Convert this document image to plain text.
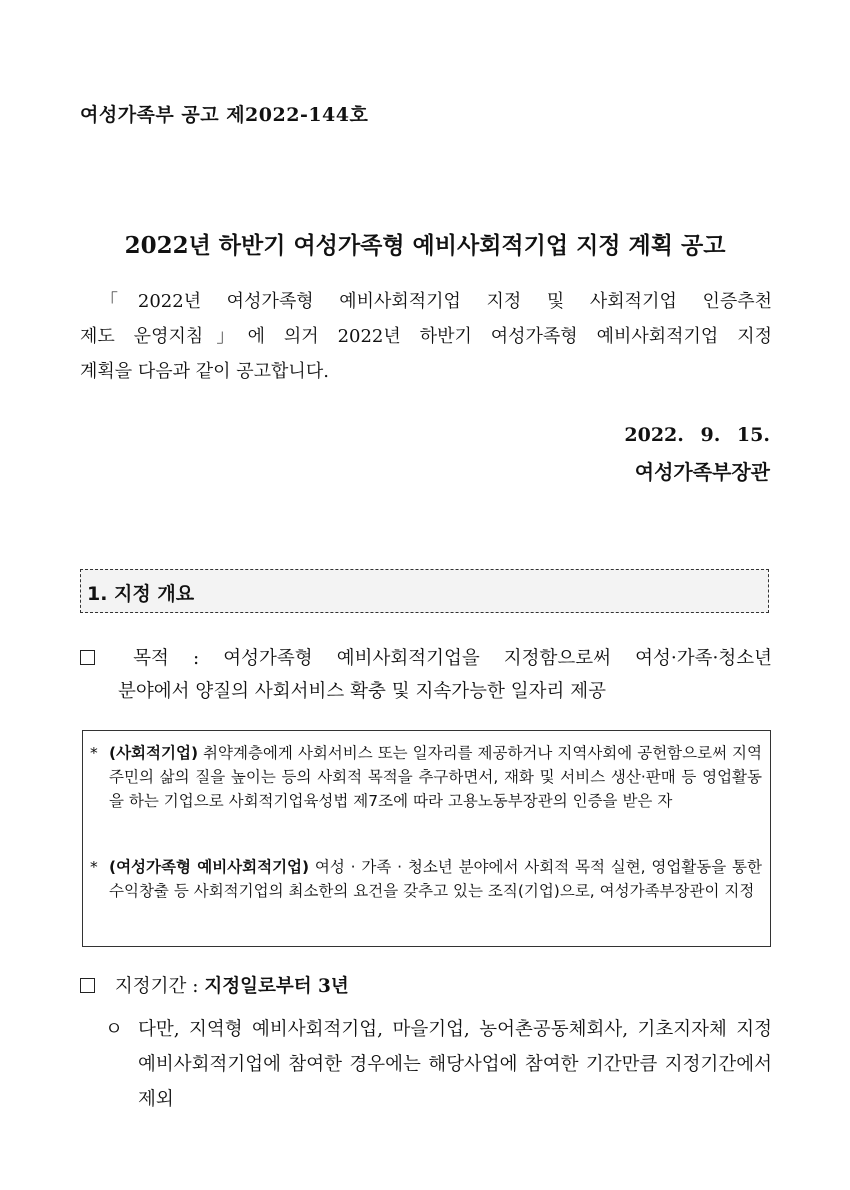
여성가족부 공고 제2022-144호
2022년 하반기 여성가족형 예비사회적기업 지정 계획 공고

「2022년 여성가족형 예비사회적기업 지정 및 사회적기업 인증추천

제도 운영지침」에 의거 2022년 하반기 여성가족형 예비사회적기업 지정

계획을 다음과 같이 공고합니다.

2022. 9. 15.
여성가족부장관
1. 지정 개요
목적 : 여성가족형 예비사회적기업을 지정함으로써 여성·가족·청소년
분야에서 양질의 사회서비스 확충 및 지속가능한 일자리 제공
* (사회적기업) 취약계층에게 사회서비스 또는 일자리를 제공하거나 지역사회에 공헌함으로써 지역주민의 삶의 질을 높이는 등의 사회적 목적을 추구하면서, 재화 및 서비스 생산·판매 등 영업활동을 하는 기업으로 사회적기업육성법 제7조에 따라 고용노동부장관의 인증을 받은 자
* (여성가족형 예비사회적기업) 여성 · 가족 · 청소년 분야에서 사회적 목적 실현, 영업활동을 통한 수익창출 등 사회적기업의 최소한의 요건을 갖추고 있는 조직(기업)으로, 여성가족부장관이 지정
지정기간 : 지정일로부터 3년
ㅇ 다만, 지역형 예비사회적기업, 마을기업, 농어촌공동체회사, 기초지자체 지정 예비사회적기업에 참여한 경우에는 해당사업에 참여한 기간만큼 지정기간에서 제외
